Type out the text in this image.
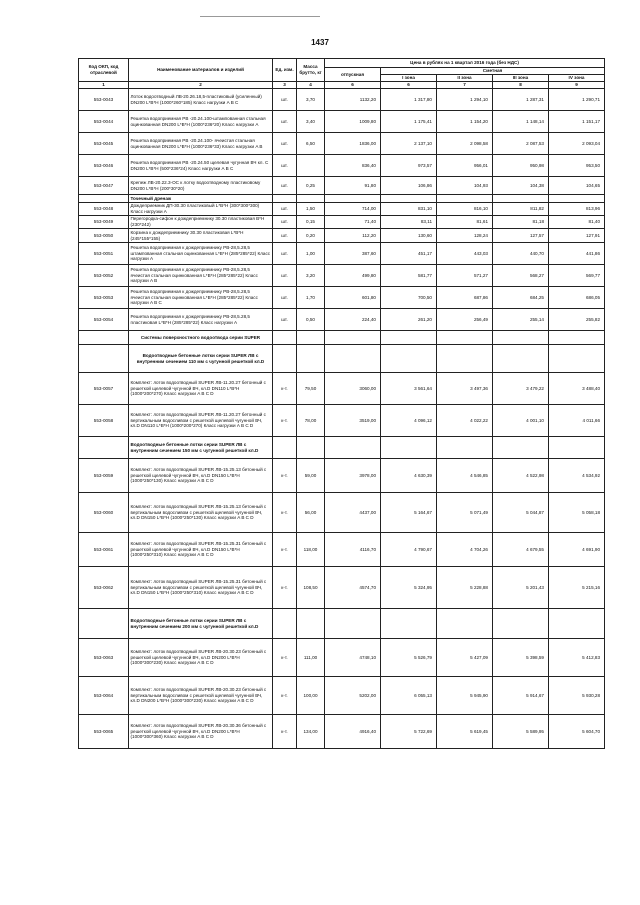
1437
Код ОКП, код отраслевой	Наименование материалов и изделий	Ед. изм.	Масса брутто, кг	Цена в рублях на 1 квартал 2016 года (без НДС)				
				отпускная	Сметная			
					I зона	II зона	III зона	IV зона
1	2	3	4	6	6	7	8	9
553-0043	Лоток водоотводный ЛВ-20.26.18,5-пластиковый (усиленный) DN200 L*B*H (1000*260*185) Класс нагрузки A B C	шт.	3,70	1132,20	1 317,80	1 294,10	1 287,31	1 290,71
553-0044	Решетка водоприемная РВ -20.24.100-штампованная стальная оцинкованная DN200 L*B*H (1000*236*20) Класс нагрузки A	шт.	3,40	1009,80	1 175,41	1 154,20	1 148,14	1 151,17
553-0045	Решетка водоприемная РВ -20.24.100- ячеистая стальная оцинкованная DN200 L*B*H (1000*236*33) Класс нагрузки A B	шт.	6,50	1836,00	2 137,10	2 098,58	2 087,53	2 093,04
553-0046	Решетка водоприемная РВ -20.24.50 щелевая чугунная ВЧ кл. C DN200 L*B*H (500*236*24) Класс нагрузки A B C	шт.		836,40	973,57	956,01	950,98	953,50
553-0047	Крепеж ЛВ-20.22.3-ОС к лотку водоотводному пластиковому DN200 L*B*H (200*30*20)	шт.	0,25	91,80	106,86	104,93	104,38	104,65
	Точечный дренаж							
553-0048	Дождеприемник ДП-30.30 пластиковый L*B*H (300*300*300) Класс нагрузки A	шт.	1,50	714,00	831,10	816,10	811,82	813,96
553-0049	Перегородка-сифон к дождеприемнику 30.30 пластиковая B*H (230*242)	шт.	0,15	71,40	83,11	81,61	81,18	81,40
553-0050	Корзина к дождеприемнику 30.30 пластиковая L*B*H (245*155*155)	шт.	0,20	112,20	130,60	128,24	127,57	127,91
553-0051	Решетка водоприемная к дождеприемнику РВ-28,5.28,5 штампованная стальная оцинкованная L*B*H (285*285*22) Класс нагрузки A	шт.	1,00	387,60	451,17	443,03	440,70	441,86
553-0052	Решетка водоприемная к дождеприемнику РВ-28,5.28,5 ячеистая стальная оцинкованная L*B*H (285*285*22) Класс нагрузки A B	шт.	3,20	499,80	581,77	571,27	568,27	569,77
553-0053	Решетка водоприемная к дождеприемнику РВ-28,5.28,5 ячеистая стальная оцинкованная L*B*H (285*285*22) Класс нагрузки A B C	шт.	1,70	601,80	700,50	687,86	684,25	686,05
553-0054	Решетка водоприемная к дождеприемнику РВ-28,5.28,5 пластиковая L*B*H (285*285*22) Класс нагрузки A	шт.	0,50	224,40	261,20	256,49	255,14	255,82
	Системы поверхностного водоотвода серии SUPER							
	Водоотводные бетонные лотки серии SUPER ЛВ с внутренним сечением 110 мм с чугунной решеткой кл.D							
553-0057	Комплект: лоток водоотводный SUPER ЛВ-11.20.27 бетонный с решеткой щелевой чугунной ВЧ, кл.D DN110 L*B*H (1000*200*270) Класс нагрузки A B C D	к-т.	79,50	3060,00	3 561,64	3 497,36	3 479,22	3 488,40
553-0058	Комплект: лоток водоотводный SUPER ЛВ-11.20.27 бетонный с вертикальным водосливом с решеткой щелевой чугунной ВЧ, кл.D DN110 L*B*H (1000*200*270) Класс нагрузки A B C D	к-т.	78,00	3519,00	4 096,12	4 022,22	4 001,10	4 011,66
	Водоотводные бетонные лотки серии SUPER ЛВ с внутренним сечением 150 мм с чугунной решеткой кл.D							
553-0059	Комплект: лоток водоотводный SUPER ЛВ-15.25.13 бетонный с решеткой щелевой чугунной ВЧ, кл.D DN150 L*B*H (1000*250*130) Класс нагрузки A B C D	к-т.	59,00	3978,00	4 630,39	4 546,85	4 522,98	4 534,92
553-0060	Комплект: лоток водоотводный SUPER ЛВ-15.25.13 бетонный с вертикальным водосливом с решеткой щелевой чугунной ВЧ, кл.D DN150 L*B*H (1000*250*130) Класс нагрузки A B C D	к-т.	56,00	4437,00	5 164,67	5 071,49	5 044,87	5 058,18
553-0061	Комплект: лоток водоотводный SUPER ЛВ-15.25.31 бетонный с решеткой щелевой чугунной ВЧ, кл.D DN150 L*B*H (1000*250*310) Класс нагрузки A B C D	к-т.	118,00	4116,70	4 790,67	4 704,26	4 679,55	4 691,90
553-0062	Комплект: лоток водоотводный SUPER ЛВ-15.25.31 бетонный с вертикальным водосливом с решеткой щелевой чугунной ВЧ, кл.D DN150 L*B*H (1000*250*310) Класс нагрузки A B C D	к-т.	108,50	4574,70	5 324,95	5 228,88	5 201,43	5 215,16
	Водоотводные бетонные лотки серии SUPER ЛВ с внутренним сечением 200 мм с чугунной решеткой кл.D							
553-0063	Комплект: лоток водоотводный SUPER ЛВ-20.30.23 бетонный с решеткой щелевой чугунной ВЧ, кл.D DN200 L*B*H (1000*300*230) Класс нагрузки A B C D	к-т.	111,00	4748,10	5 526,79	5 427,09	5 398,59	5 412,83
553-0064	Комплект: лоток водоотводный SUPER ЛВ-20.30.23 бетонный с вертикальным водосливом с решеткой щелевой чугунной ВЧ, кл.D DN200 L*B*H (1000*300*230) Класс нагрузки A B C D	к-т.	100,00	5202,00	6 055,13	5 945,90	5 914,67	5 930,28
553-0065	Комплект: лоток водоотводный SUPER ЛВ-20.30.36 бетонный с решеткой щелевой чугунной ВЧ, кл.D DN200 L*B*H (1000*300*360) Класс нагрузки A B C D	к-т.	134,00	4916,40	5 722,69	5 619,45	5 589,95	5 604,70
